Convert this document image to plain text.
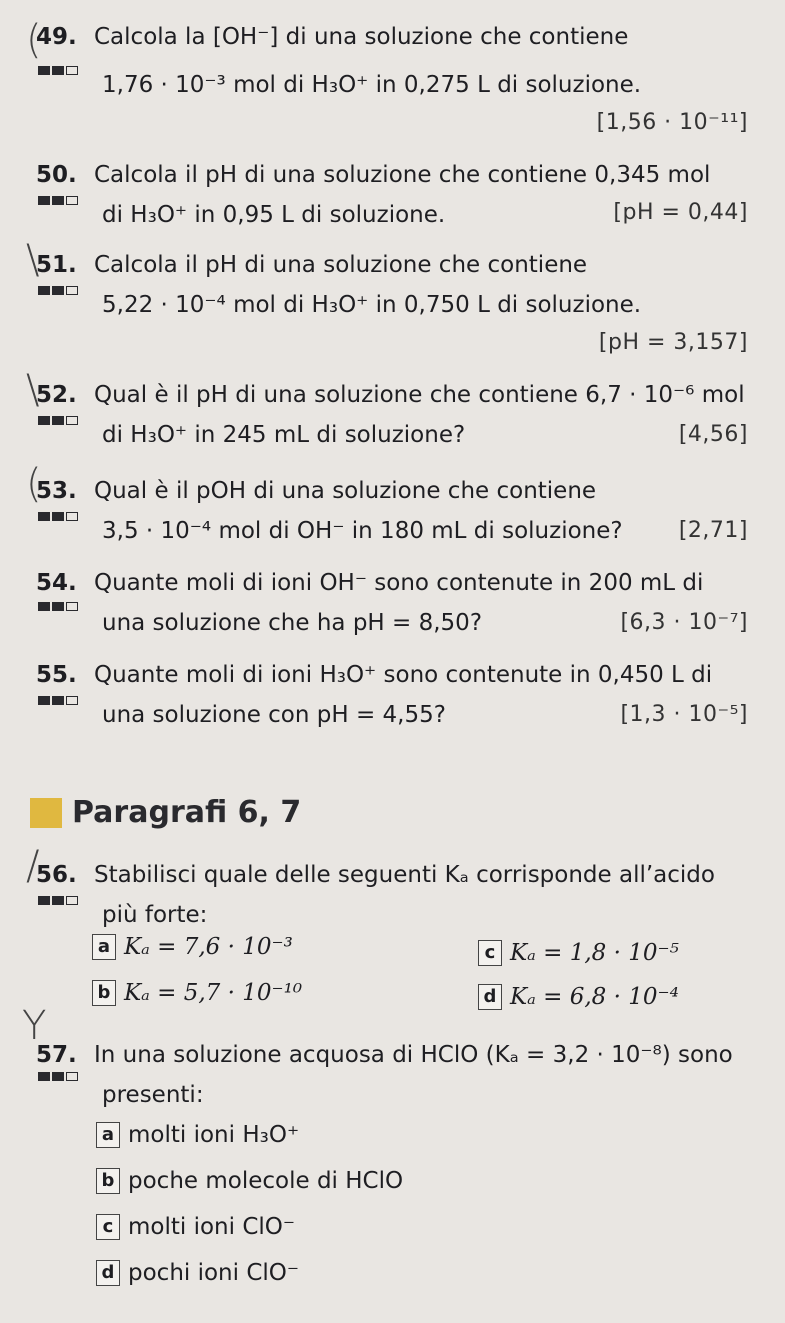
(
\
\
(
/
Y
49. Calcola la [OH⁻] di una soluzione che contiene
1,76 · 10⁻³ mol di H₃O⁺ in 0,275 L di soluzione.
[1,56 · 10⁻¹¹]
50. Calcola il pH di una soluzione che contiene 0,345 mol
di H₃O⁺ in 0,95 L di soluzione.	[pH = 0,44]
51. Calcola il pH di una soluzione che contiene
5,22 · 10⁻⁴ mol di H₃O⁺ in 0,750 L di soluzione.
[pH = 3,157]
52. Qual è il pH di una soluzione che contiene 6,7 · 10⁻⁶ mol
di H₃O⁺ in 245 mL di soluzione?	[4,56]
53. Qual è il pOH di una soluzione che contiene
3,5 · 10⁻⁴ mol di OH⁻ in 180 mL di soluzione?	[2,71]
54. Quante moli di ioni OH⁻ sono contenute in 200 mL di
una soluzione che ha pH = 8,50?	[6,3 · 10⁻⁷]
55. Quante moli di ioni H₃O⁺ sono contenute in 0,450 L di
una soluzione con pH = 4,55?	[1,3 · 10⁻⁵]
Paragrafi 6, 7
56. Stabilisci quale delle seguenti Kₐ corrisponde all’acido
più forte:
a Kₐ = 7,6 · 10⁻³
b Kₐ = 5,7 · 10⁻¹⁰
c Kₐ = 1,8 · 10⁻⁵
d Kₐ = 6,8 · 10⁻⁴
57. In una soluzione acquosa di HClO (Kₐ = 3,2 · 10⁻⁸) sono
presenti:
a molti ioni H₃O⁺
b poche molecole di HClO
c molti ioni ClO⁻
d pochi ioni ClO⁻
